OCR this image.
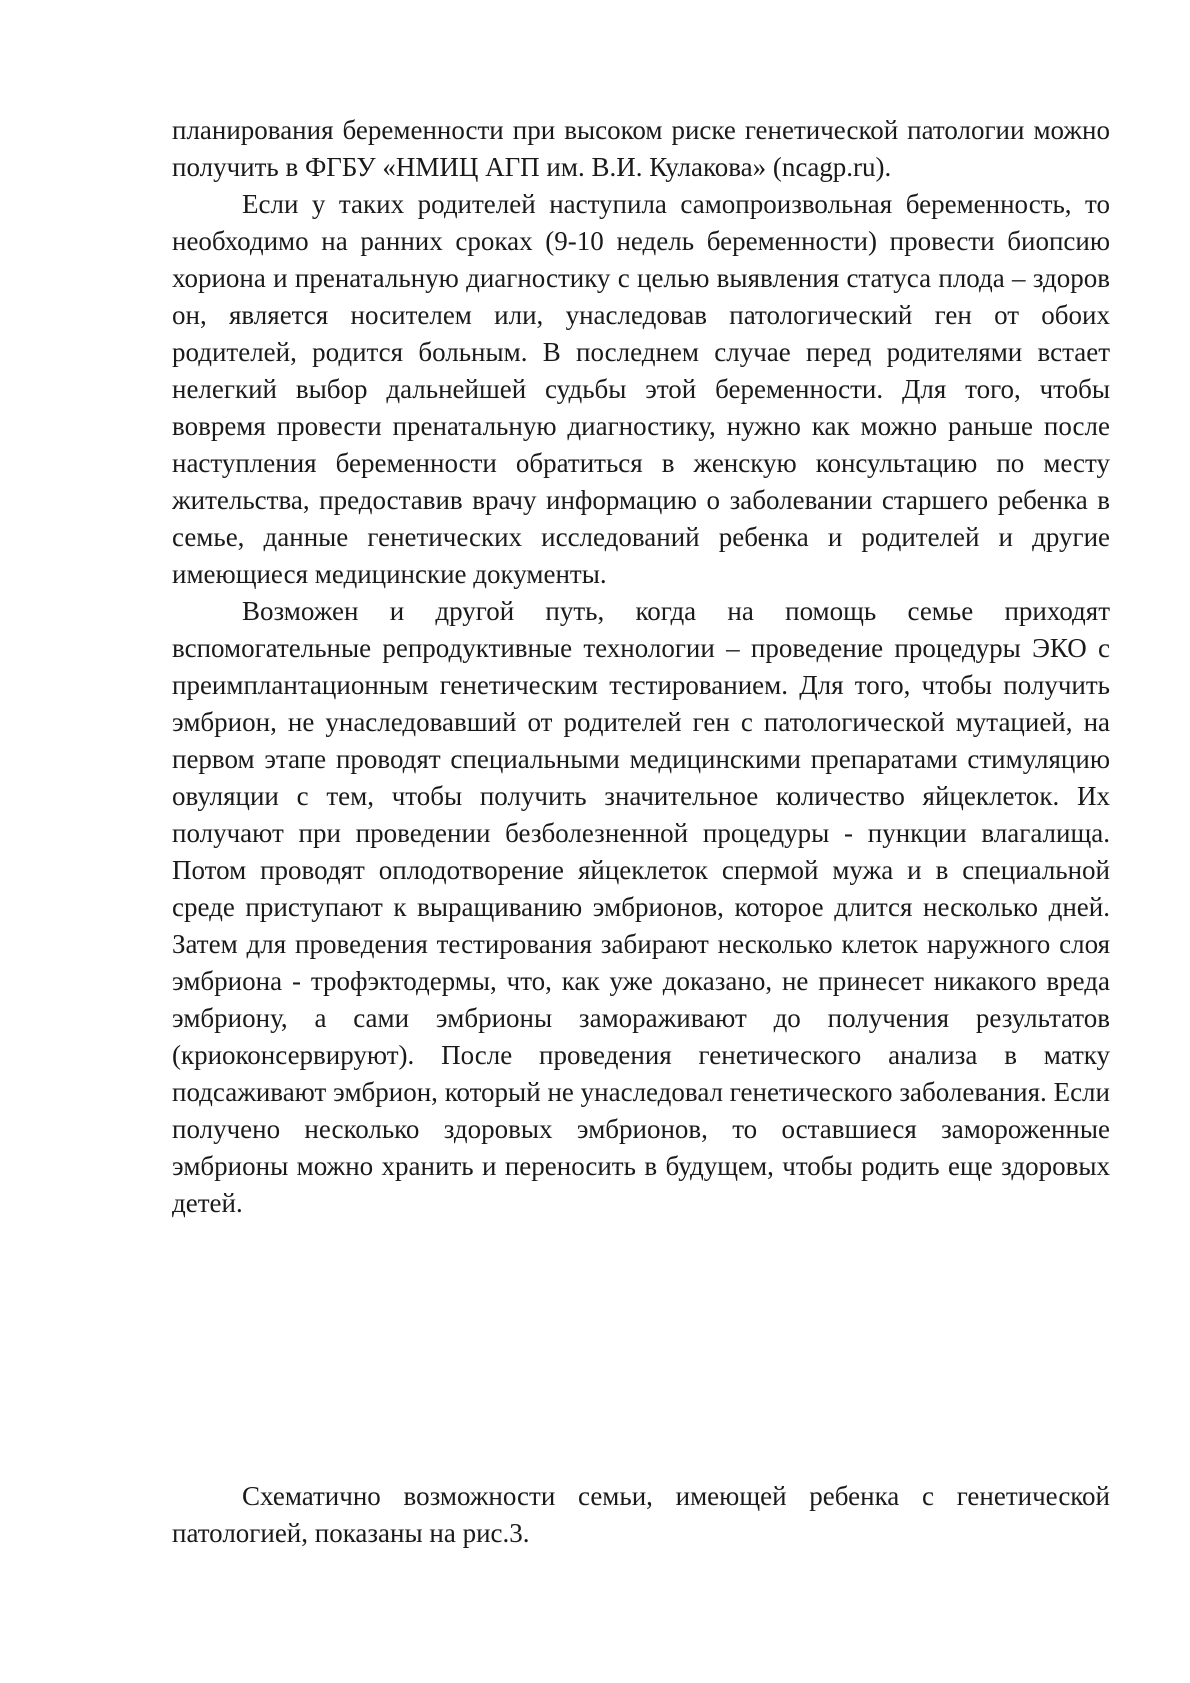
планирования беременности при высоком риске генетической патологии можно получить в ФГБУ «НМИЦ АГП им. В.И. Кулакова» (ncagp.ru).

Если у таких родителей наступила самопроизвольная беременность, то необходимо на ранних сроках (9-10 недель беременности) провести биопсию хориона и пренатальную диагностику с целью выявления статуса плода – здоров он, является носителем или, унаследовав патологический ген от обоих родителей, родится больным. В последнем случае перед родителями встает нелегкий выбор дальнейшей судьбы этой беременности. Для того, чтобы вовремя провести пренатальную диагностику, нужно как можно раньше после наступления беременности обратиться в женскую консультацию по месту жительства, предоставив врачу информацию о заболевании старшего ребенка в семье, данные генетических исследований ребенка и родителей и другие имеющиеся медицинские документы.

Возможен и другой путь, когда на помощь семье приходят вспомогательные репродуктивные технологии – проведение процедуры ЭКО с преимплантационным генетическим тестированием. Для того, чтобы получить эмбрион, не унаследовавший от родителей ген с патологической мутацией, на первом этапе проводят специальными медицинскими препаратами стимуляцию овуляции с тем, чтобы получить значительное количество яйцеклеток. Их получают при проведении безболезненной процедуры - пункции влагалища. Потом проводят оплодотворение яйцеклеток спермой мужа и в специальной среде приступают к выращиванию эмбрионов, которое длится несколько дней. Затем для проведения тестирования забирают несколько клеток наружного слоя эмбриона - трофэктодермы, что, как уже доказано, не принесет никакого вреда эмбриону, а сами эмбрионы замораживают до получения результатов (криоконсервируют). После проведения генетического анализа в матку подсаживают эмбрион, который не унаследовал генетического заболевания. Если получено несколько здоровых эмбрионов, то оставшиеся замороженные эмбрионы можно хранить и переносить в будущем, чтобы родить еще здоровых детей.

Схематично возможности семьи, имеющей ребенка с генетической патологией, показаны на рис.3.
